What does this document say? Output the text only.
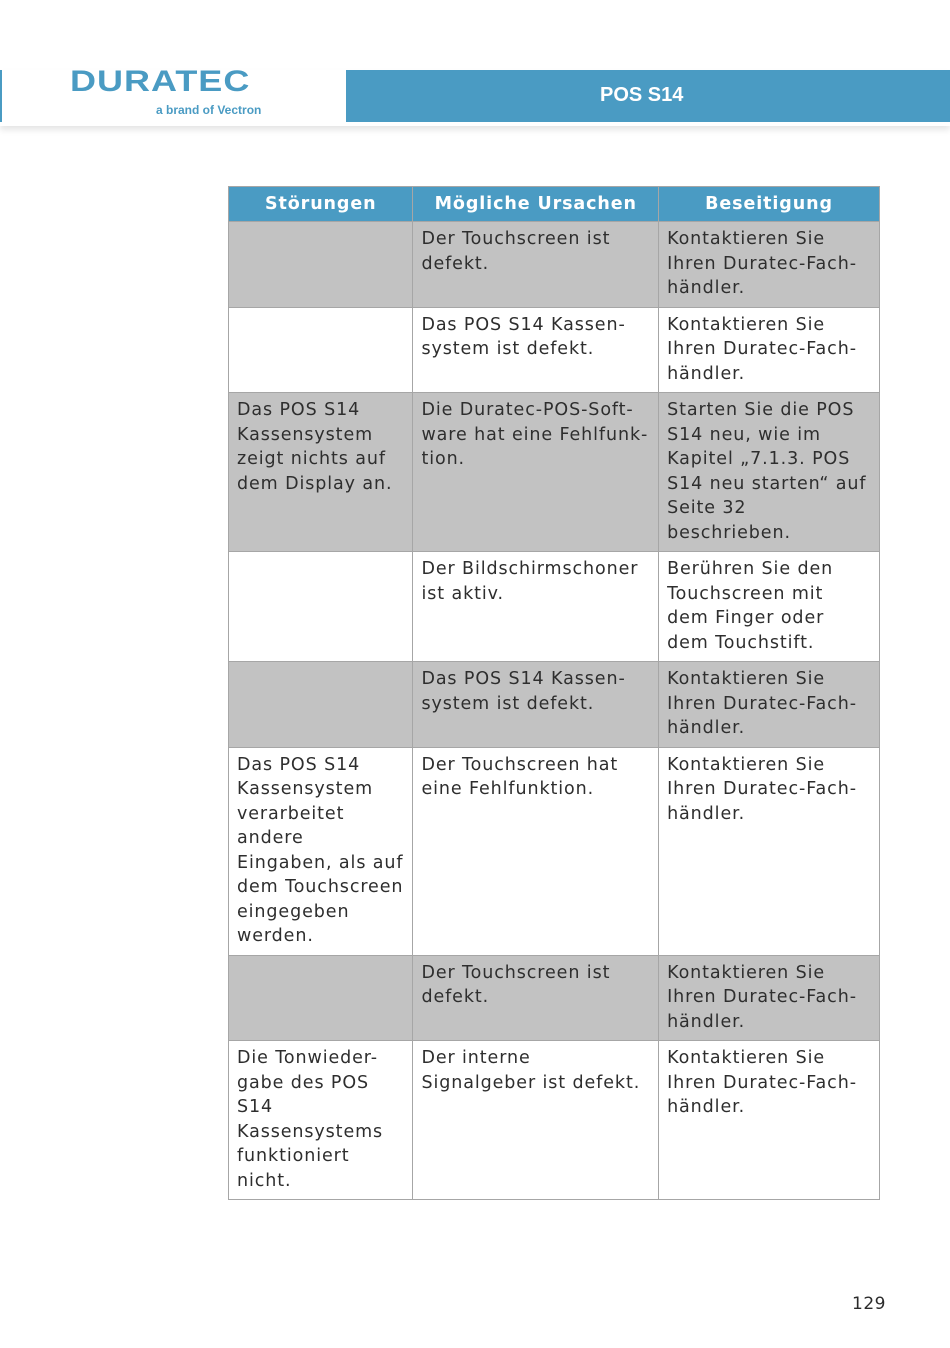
DURATEC
a brand of Vectron
POS S14
Störungen	Mögliche Ursachen	Beseitigung
	Der Touchscreen ist defekt.	Kontaktieren Sie Ihren Duratec-Fach-händler.
	Das POS S14 Kassen-system ist defekt.	Kontaktieren Sie Ihren Duratec-Fach-händler.
Das POS S14 Kassensystem zeigt nichts auf dem Display an.	Die Duratec-POS-Soft-ware hat eine Fehlfunk-tion.	Starten Sie die POS S14 neu, wie im Kapitel „7.1.3. POS S14 neu starten“ auf Seite 32 beschrieben.
	Der Bildschirmschoner ist aktiv.	Berühren Sie den Touchscreen mit dem Finger oder dem Touchstift.
	Das POS S14 Kassen-system ist defekt.	Kontaktieren Sie Ihren Duratec-Fach-händler.
Das POS S14 Kassensystem verarbeitet andere Eingaben, als auf dem Touchscreen eingegeben werden.	Der Touchscreen hat eine Fehlfunktion.	Kontaktieren Sie Ihren Duratec-Fach-händler.
	Der Touchscreen ist defekt.	Kontaktieren Sie Ihren Duratec-Fach-händler.
Die Tonwieder-gabe des POS S14 Kassensystems funktioniert nicht.	Der interne Signalgeber ist defekt.	Kontaktieren Sie Ihren Duratec-Fach-händler.
129
